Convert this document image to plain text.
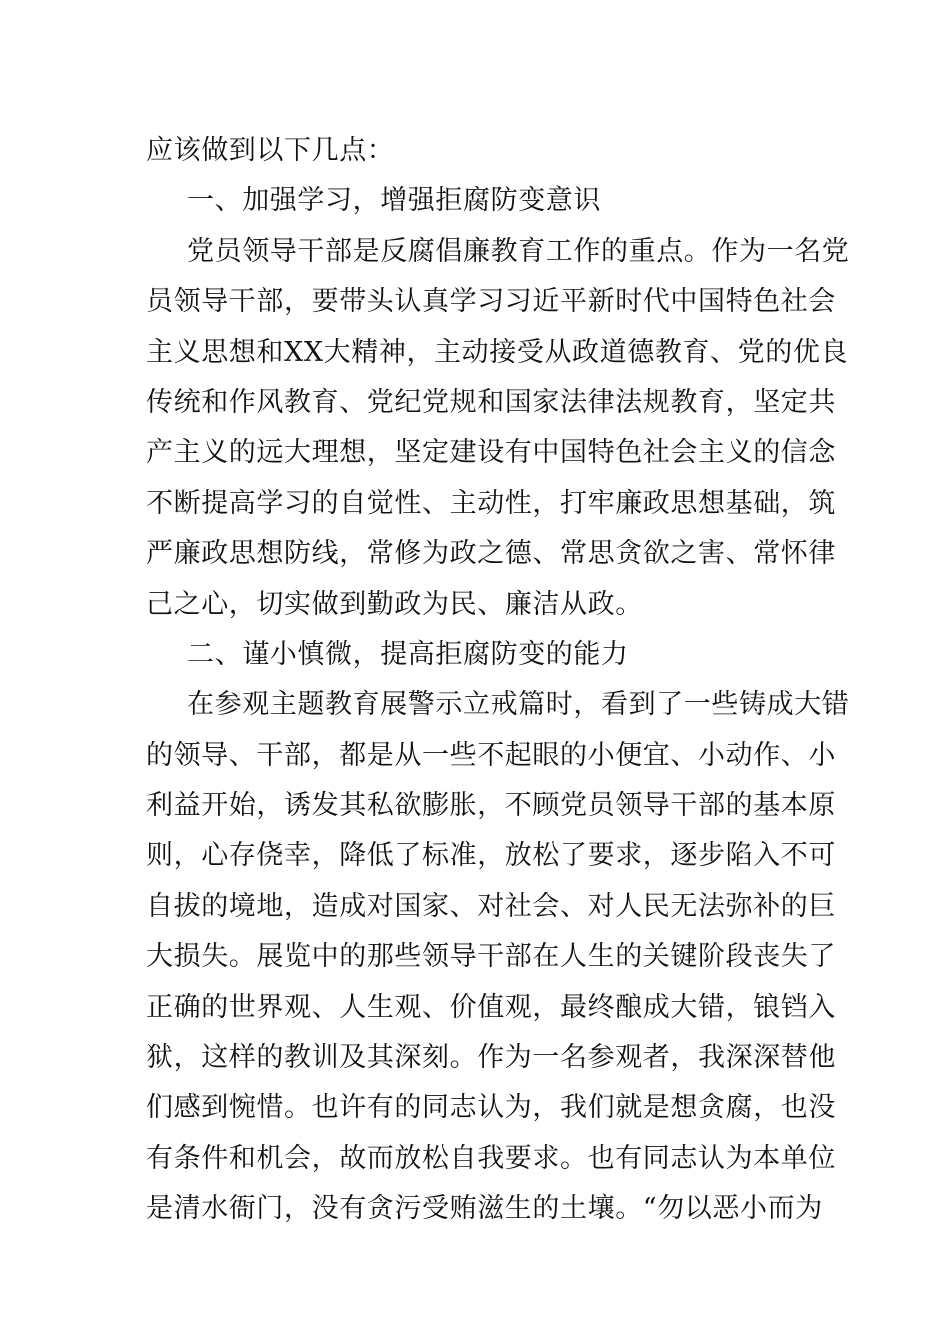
应该做到以下几点：
一、加强学习，增强拒腐防变意识
党员领导干部是反腐倡廉教育工作的重点。作为一名党
员领导干部，要带头认真学习习近平新时代中国特色社会
主义思想和XX大精神，主动接受从政道德教育、党的优良
传统和作风教育、党纪党规和国家法律法规教育，坚定共
产主义的远大理想，坚定建设有中国特色社会主义的信念
不断提高学习的自觉性、主动性，打牢廉政思想基础，筑
严廉政思想防线，常修为政之德、常思贪欲之害、常怀律
己之心，切实做到勤政为民、廉洁从政。
二、谨小慎微，提高拒腐防变的能力
在参观主题教育展警示立戒篇时，看到了一些铸成大错
的领导、干部，都是从一些不起眼的小便宜、小动作、小
利益开始，诱发其私欲膨胀，不顾党员领导干部的基本原
则，心存侥幸，降低了标准，放松了要求，逐步陷入不可
自拔的境地，造成对国家、对社会、对人民无法弥补的巨
大损失。展览中的那些领导干部在人生的关键阶段丧失了
正确的世界观、人生观、价值观，最终酿成大错，锒铛入
狱，这样的教训及其深刻。作为一名参观者，我深深替他
们感到惋惜。也许有的同志认为，我们就是想贪腐，也没
有条件和机会，故而放松自我要求。也有同志认为本单位
是清水衙门，没有贪污受贿滋生的土壤。“勿以恶小而为
